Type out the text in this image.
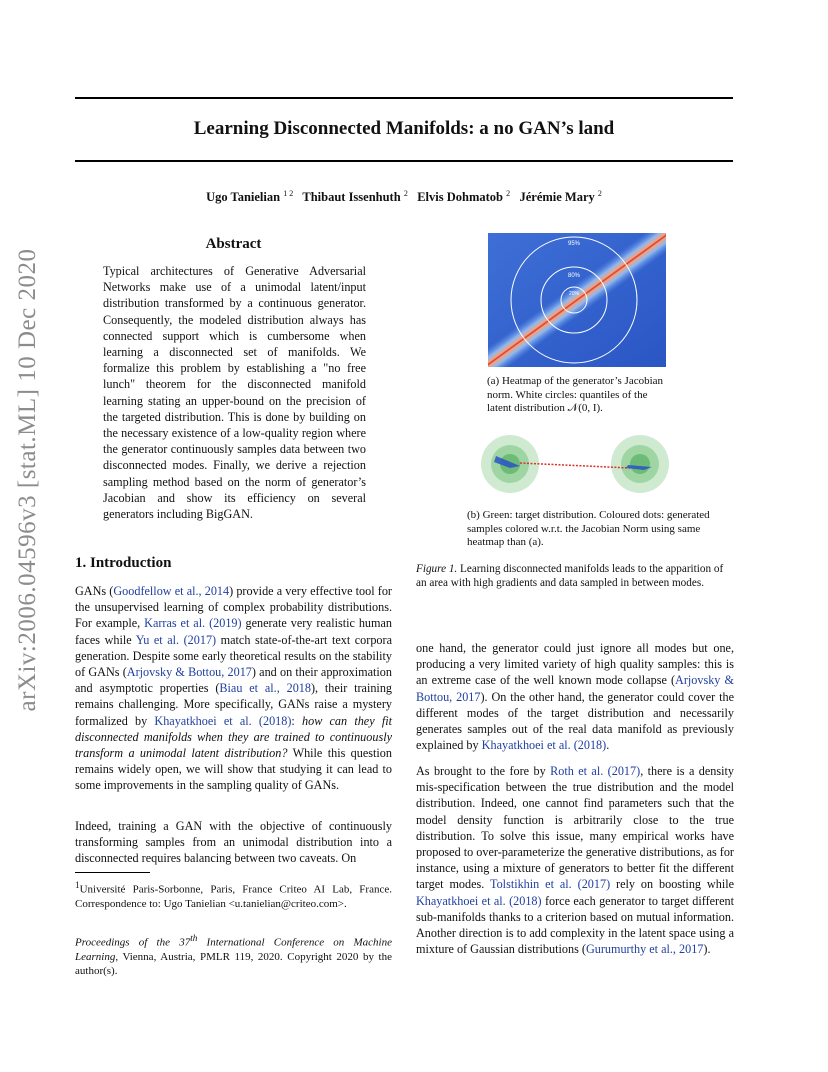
arXiv:2006.04596v3 [stat.ML] 10 Dec 2020
Learning Disconnected Manifolds: a no GAN’s land
Ugo Tanielian $^{1 2}$ Thibaut Issenhuth $^2$ Elvis Dohmatob $^2$ Jérémie Mary $^2$
Abstract
Typical architectures of Generative Adversarial Networks make use of a unimodal latent/input distribution transformed by a continuous generator. Consequently, the modeled distribution always has connected support which is cumbersome when learning a disconnected set of manifolds. We formalize this problem by establishing a "no free lunch" theorem for the disconnected manifold learning stating an upper-bound on the precision of the targeted distribution. This is done by building on the necessary existence of a low-quality region where the generator continuously samples data between two disconnected modes. Finally, we derive a rejection sampling method based on the norm of generator’s Jacobian and show its efficiency on several generators including BigGAN.
1. Introduction
GANs (Goodfellow et al., 2014) provide a very effective tool for the unsupervised learning of complex probability distributions. For example, Karras et al. (2019) generate very realistic human faces while Yu et al. (2017) match state-of-the-art text corpora generation. Despite some early theoretical results on the stability of GANs (Arjovsky & Bottou, 2017) and on their approximation and asymptotic properties (Biau et al., 2018), their training remains challenging. More specifically, GANs raise a mystery formalized by Khayatkhoei et al. (2018): how can they fit disconnected manifolds when they are trained to continuously transform a unimodal latent distribution? While this question remains widely open, we will show that studying it can lead to some improvements in the sampling quality of GANs.
Indeed, training a GAN with the objective of continuously transforming samples from an unimodal distribution into a disconnected requires balancing between two caveats. On
$^1$Université Paris-Sorbonne, Paris, France Criteo AI Lab, France. Correspondence to: Ugo Tanielian <u.tanielian@criteo.com>.
Proceedings of the 37th International Conference on Machine Learning, Vienna, Austria, PMLR 119, 2020. Copyright 2020 by the author(s).
95%
80%
20%
(a) Heatmap of the generator’s Jacobian norm. White circles: quantiles of the latent distribution 𝒩(0, I).
(b) Green: target distribution. Coloured dots: generated samples colored w.r.t. the Jacobian Norm using same heatmap than (a).
Figure 1. Learning disconnected manifolds leads to the apparition of an area with high gradients and data sampled in between modes.
one hand, the generator could just ignore all modes but one, producing a very limited variety of high quality samples: this is an extreme case of the well known mode collapse (Arjovsky & Bottou, 2017). On the other hand, the generator could cover the different modes of the target distribution and necessarily generates samples out of the real data manifold as previously explained by Khayatkhoei et al. (2018).
As brought to the fore by Roth et al. (2017), there is a density mis-specification between the true distribution and the model distribution. Indeed, one cannot find parameters such that the model density function is arbitrarily close to the true distribution. To solve this issue, many empirical works have proposed to over-parameterize the generative distributions, as for instance, using a mixture of generators to better fit the different target modes. Tolstikhin et al. (2017) rely on boosting while Khayatkhoei et al. (2018) force each generator to target different sub-manifolds thanks to a criterion based on mutual information. Another direction is to add complexity in the latent space using a mixture of Gaussian distributions (Gurumurthy et al., 2017).
